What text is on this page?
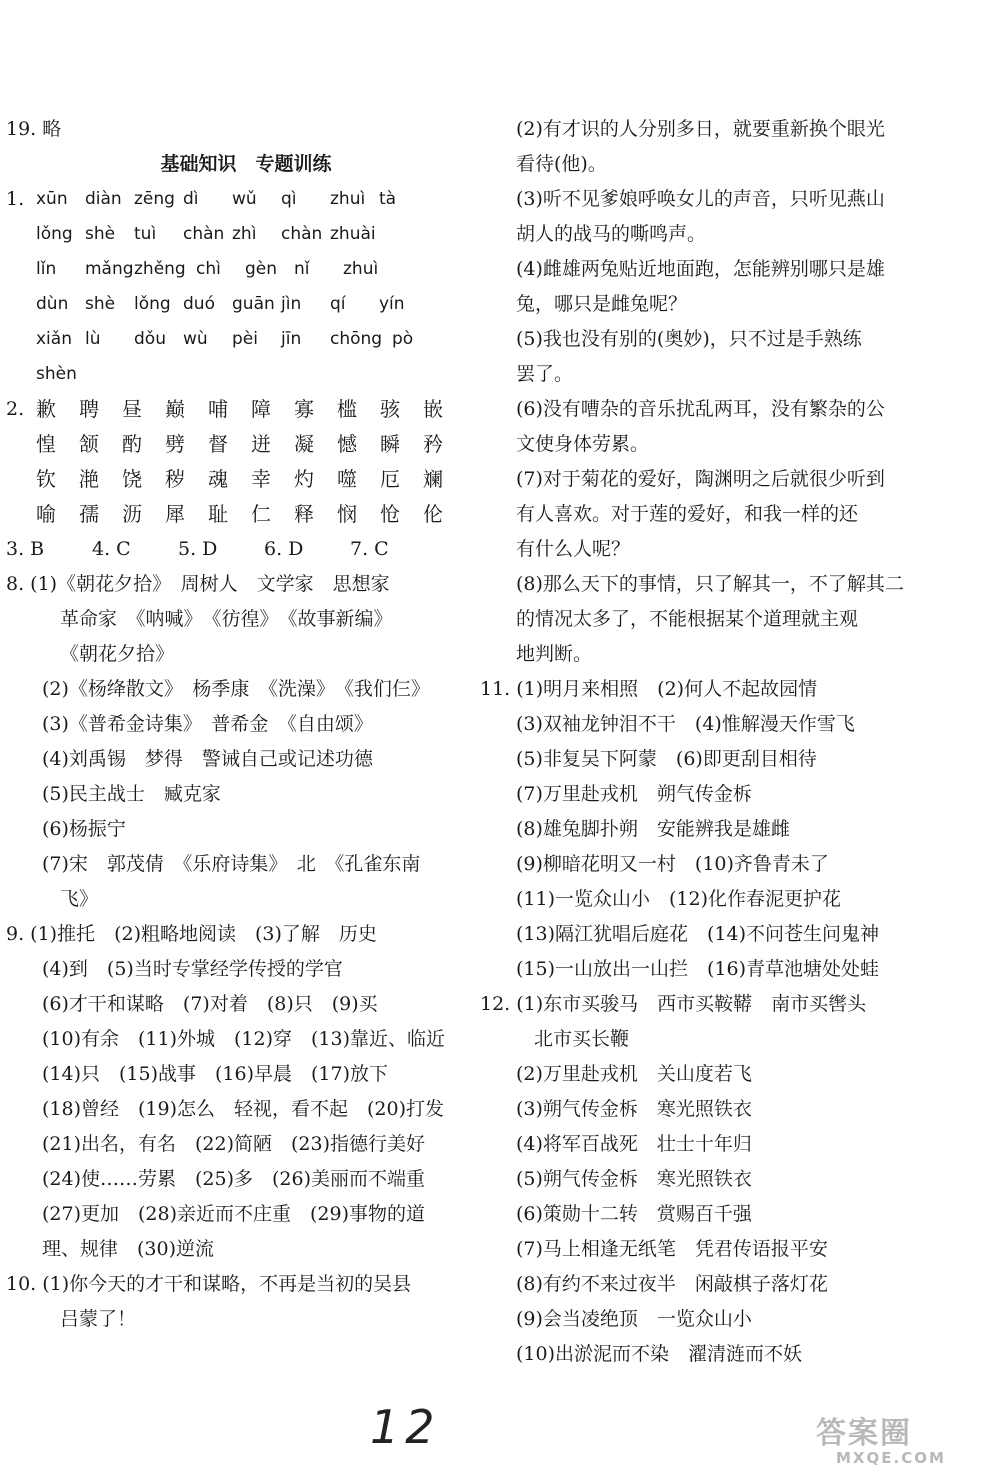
19. 略
基础知识　专题训练
1. xūn	diàn zēng dì	wǔ	qì	zhuì tà
lǒng shè	tuì	chàn zhì	chàn zhuài
lǐn	mǎng zhěng chì	gèn nǐ	zhuì
dùn shè	lǒng duó	guān jìn	qí	yín
xiǎn lù	dǒu	wù	pèi	jīn	chōng pò
shèn
2. 歉	聘	昼	巅	哺	障	寡	槛	骇	嵌
惶	颔	酌	劈	督	迸	凝	憾	瞬	矜
钦	滟	饶	秽	魂	幸	灼	噬	厄	斓
喻	孺	沥	犀	耻	仁	释	悯	怆	伦
3. B	4. C	5. D	6. D	7. C
8. (1)《朝花夕拾》　周树人　文学家　思想家
革命家　《呐喊》　《彷徨》　《故事新编》
《朝花夕拾》
(2)《杨绛散文》　杨季康　《洗澡》　《我们仨》
(3)《普希金诗集》　普希金　《自由颂》
(4)刘禹锡　梦得　警诫自己或记述功德
(5)民主战士　臧克家
(6)杨振宁
(7)宋　郭茂倩　《乐府诗集》　北　《孔雀东南
飞》
9. (1)推托　(2)粗略地阅读　(3)了解　历史
(4)到　(5)当时专掌经学传授的学官
(6)才干和谋略　(7)对着　(8)只　(9)买
(10)有余　(11)外城　(12)穿　(13)靠近、临近
(14)只　(15)战事　(16)早晨　(17)放下
(18)曾经　(19)怎么　轻视，看不起　(20)打发
(21)出名，有名　(22)简陋　(23)指德行美好
(24)使……劳累　(25)多　(26)美丽而不端重
(27)更加　(28)亲近而不庄重　(29)事物的道
理、规律　(30)逆流
10. (1)你今天的才干和谋略，不再是当初的吴县
吕蒙了！
(2)有才识的人分别多日，就要重新换个眼光
看待(他)。
(3)听不见爹娘呼唤女儿的声音，只听见燕山
胡人的战马的嘶鸣声。
(4)雌雄两兔贴近地面跑，怎能辨别哪只是雄
兔，哪只是雌兔呢？
(5)我也没有别的(奥妙)，只不过是手熟练
罢了。
(6)没有嘈杂的音乐扰乱两耳，没有繁杂的公
文使身体劳累。
(7)对于菊花的爱好，陶渊明之后就很少听到
有人喜欢。对于莲的爱好，和我一样的还
有什么人呢？
(8)那么天下的事情，只了解其一，不了解其二
的情况太多了，不能根据某个道理就主观
地判断。
11. (1)明月来相照　(2)何人不起故园情
(3)双袖龙钟泪不干　(4)惟解漫天作雪飞
(5)非复吴下阿蒙　(6)即更刮目相待
(7)万里赴戎机　朔气传金柝
(8)雄兔脚扑朔　安能辨我是雄雌
(9)柳暗花明又一村　(10)齐鲁青未了
(11)一览众山小　(12)化作春泥更护花
(13)隔江犹唱后庭花　(14)不问苍生问鬼神
(15)一山放出一山拦　(16)青草池塘处处蛙
12. (1)东市买骏马　西市买鞍鞯　南市买辔头
北市买长鞭
(2)万里赴戎机　关山度若飞
(3)朔气传金柝　寒光照铁衣
(4)将军百战死　壮士十年归
(5)朔气传金柝　寒光照铁衣
(6)策勋十二转　赏赐百千强
(7)马上相逢无纸笔　凭君传语报平安
(8)有约不来过夜半　闲敲棋子落灯花
(9)会当凌绝顶　一览众山小
(10)出淤泥而不染　濯清涟而不妖
12	答案圈
MXQE.COM
